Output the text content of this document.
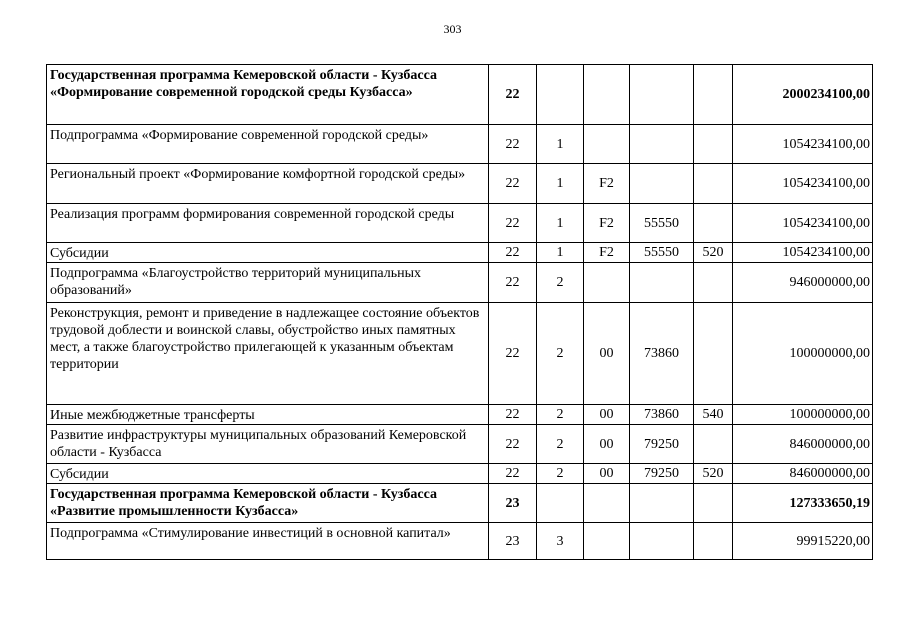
303
Государственная программа Кемеровской области - Кузбасса «Формирование современной городской среды Кузбасса»	22					2000234100,00
Подпрограмма «Формирование современной городской среды»	22	1				1054234100,00
Региональный проект «Формирование комфортной городской среды»	22	1	F2			1054234100,00
Реализация программ формирования современной городской среды	22	1	F2	55550		1054234100,00
Субсидии	22	1	F2	55550	520	1054234100,00
Подпрограмма «Благоустройство территорий муниципальных образований»	22	2				946000000,00
Реконструкция, ремонт и приведение в надлежащее состояние объектов трудовой доблести и воинской славы, обустройство иных памятных мест, а также благоустройство прилегающей к указанным объектам территории	22	2	00	73860		100000000,00
Иные межбюджетные трансферты	22	2	00	73860	540	100000000,00
Развитие инфраструктуры муниципальных образований Кемеровской области - Кузбасса	22	2	00	79250		846000000,00
Субсидии	22	2	00	79250	520	846000000,00
Государственная программа Кемеровской области - Кузбасса «Развитие промышленности Кузбасса»	23					127333650,19
Подпрограмма «Стимулирование инвестиций в основной капитал»	23	3				99915220,00
